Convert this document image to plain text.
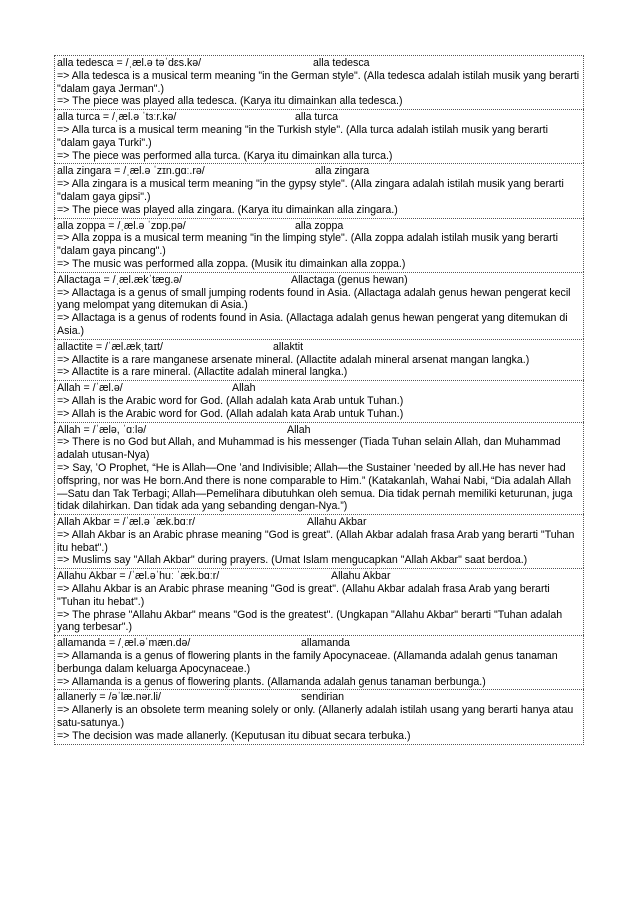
alla tedesca = /ˌæl.ə təˈdɛs.kə/	alla tedesca

=> Alla tedesca is a musical term meaning "in the German style". (Alla tedesca adalah istilah musik yang berarti "dalam gaya Jerman".)

=> The piece was played alla tedesca. (Karya itu dimainkan alla tedesca.)

alla turca = /ˌæl.ə ˈtɜːr.kə/	alla turca

=> Alla turca is a musical term meaning "in the Turkish style". (Alla turca adalah istilah musik yang berarti "dalam gaya Turki".)

=> The piece was performed alla turca. (Karya itu dimainkan alla turca.)

alla zingara = /ˌæl.ə ˈzɪn.ɡɑː.rə/	alla zingara

=> Alla zingara is a musical term meaning "in the gypsy style". (Alla zingara adalah istilah musik yang berarti "dalam gaya gipsi".)

=> The piece was played alla zingara. (Karya itu dimainkan alla zingara.)

alla zoppa = /ˌæl.ə ˈzɒp.pə/	alla zoppa

=> Alla zoppa is a musical term meaning "in the limping style". (Alla zoppa adalah istilah musik yang berarti "dalam gaya pincang".)

=> The music was performed alla zoppa. (Musik itu dimainkan alla zoppa.)

Allactaga = /ˌæl.ækˈtæɡ.ə/	Allactaga (genus hewan)

=> Allactaga is a genus of small jumping rodents found in Asia. (Allactaga adalah genus hewan pengerat kecil yang melompat yang ditemukan di Asia.)

=> Allactaga is a genus of rodents found in Asia. (Allactaga adalah genus hewan pengerat yang ditemukan di Asia.)

allactite = /ˈæl.ækˌtaɪt/	allaktit

=> Allactite is a rare manganese arsenate mineral. (Allactite adalah mineral arsenat mangan langka.)

=> Allactite is a rare mineral. (Allactite adalah mineral langka.)

Allah = /ˈæl.ə/	Allah

=> Allah is the Arabic word for God. (Allah adalah kata Arab untuk Tuhan.)

=> Allah is the Arabic word for God. (Allah adalah kata Arab untuk Tuhan.)

Allah = /ˈælə, ˈɑːlə/	Allah

=> There is no God but Allah, and Muhammad is his messenger (Tiada Tuhan selain Allah, dan Muhammad adalah utusan-Nya)

=> Say, ʻO Prophet, “He is Allah—One ʻand Indivisible; Allah—the Sustainer ʻneeded by all.He has never had offspring, nor was He born.And there is none comparable to Him.” (Katakanlah, Wahai Nabi, “Dia adalah Allah—Satu dan Tak Terbagi; Allah—Pemelihara dibutuhkan oleh semua. Dia tidak pernah memiliki keturunan, juga tidak dilahirkan. Dan tidak ada yang sebanding dengan-Nya.”)

Allah Akbar = /ˈæl.ə ˈæk.bɑːr/	Allahu Akbar

=> Allah Akbar is an Arabic phrase meaning "God is great". (Allah Akbar adalah frasa Arab yang berarti "Tuhan itu hebat".)

=> Muslims say "Allah Akbar" during prayers. (Umat Islam mengucapkan "Allah Akbar" saat berdoa.)

Allahu Akbar = /ˈæl.əˈhuː ˈæk.bɑːr/	Allahu Akbar

=> Allahu Akbar is an Arabic phrase meaning "God is great". (Allahu Akbar adalah frasa Arab yang berarti "Tuhan itu hebat".)

=> The phrase "Allahu Akbar" means "God is the greatest". (Ungkapan "Allahu Akbar" berarti "Tuhan adalah yang terbesar".)

allamanda = /ˌæl.əˈmæn.də/	allamanda

=> Allamanda is a genus of flowering plants in the family Apocynaceae. (Allamanda adalah genus tanaman berbunga dalam keluarga Apocynaceae.)

=> Allamanda is a genus of flowering plants. (Allamanda adalah genus tanaman berbunga.)

allanerly = /əˈlæ.nər.li/	sendirian

=> Allanerly is an obsolete term meaning solely or only. (Allanerly adalah istilah usang yang berarti hanya atau satu-satunya.)

=> The decision was made allanerly. (Keputusan itu dibuat secara terbuka.)
